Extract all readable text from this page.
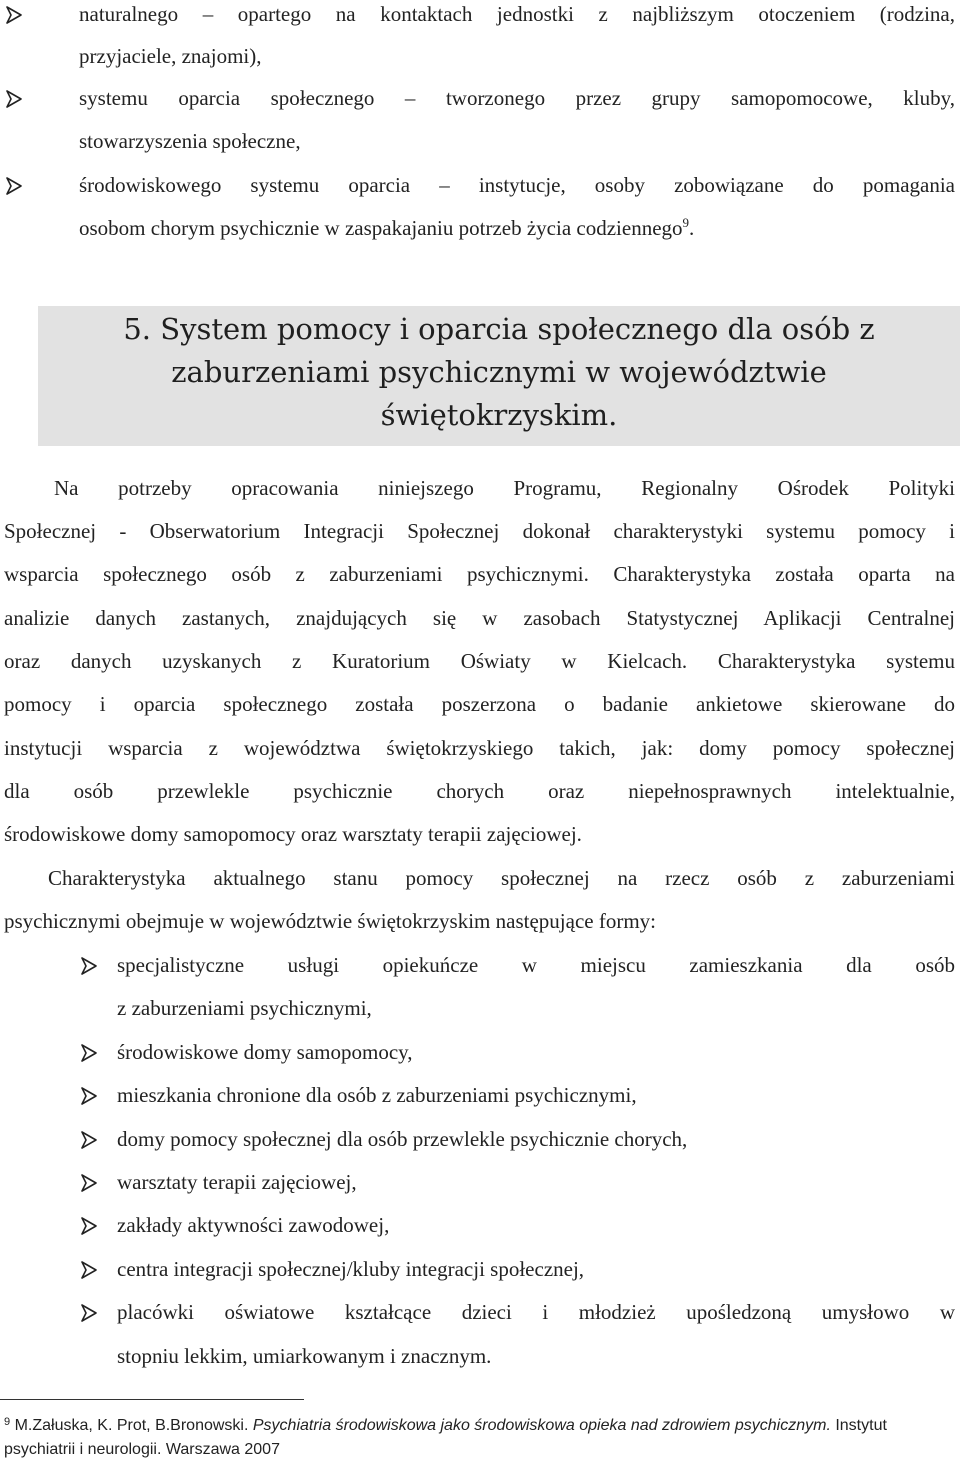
naturalnego – opartego na kontaktach jednostki z najbliższym otoczeniem (rodzina,
przyjaciele, znajomi),
systemu oparcia społecznego – tworzonego przez grupy samopomocowe, kluby,
stowarzyszenia społeczne,
środowiskowego systemu oparcia – instytucje, osoby zobowiązane do pomagania
osobom chorym psychicznie w zaspakajaniu potrzeb życia codziennego$^9$.
5. System pomocy i oparcia społecznego dla osób z
zaburzeniami psychicznymi w województwie
świętokrzyskim.
Na potrzeby opracowania niniejszego Programu, Regionalny Ośrodek Polityki
Społecznej - Obserwatorium Integracji Społecznej dokonał charakterystyki systemu pomocy i
wsparcia społecznego osób z zaburzeniami psychicznymi. Charakterystyka została oparta na
analizie danych zastanych, znajdujących się w zasobach Statystycznej Aplikacji Centralnej
oraz danych uzyskanych z Kuratorium Oświaty w Kielcach. Charakterystyka systemu
pomocy i oparcia społecznego została poszerzona o badanie ankietowe skierowane do
instytucji wsparcia z województwa świętokrzyskiego takich, jak: domy pomocy społecznej
dla osób przewlekle psychicznie chorych oraz niepełnosprawnych intelektualnie,
środowiskowe domy samopomocy oraz warsztaty terapii zajęciowej.
Charakterystyka aktualnego stanu pomocy społecznej na rzecz osób z zaburzeniami
psychicznymi obejmuje w województwie świętokrzyskim następujące formy:
specjalistyczne usługi opiekuńcze w miejscu zamieszkania dla osób
z zaburzeniami psychicznymi,
środowiskowe domy samopomocy,
mieszkania chronione dla osób z zaburzeniami psychicznymi,
domy pomocy społecznej dla osób przewlekle psychicznie chorych,
warsztaty terapii zajęciowej,
zakłady aktywności zawodowej,
centra integracji społecznej/kluby integracji społecznej,
placówki oświatowe kształcące dzieci i młodzież upośledzoną umysłowo w
stopniu lekkim, umiarkowanym i znacznym.
$^9$ M.Załuska, K. Prot, B.Bronowski. Psychiatria środowiskowa jako środowiskowa opieka nad zdrowiem psychicznym. Instytut psychiatrii i neurologii. Warszawa 2007
